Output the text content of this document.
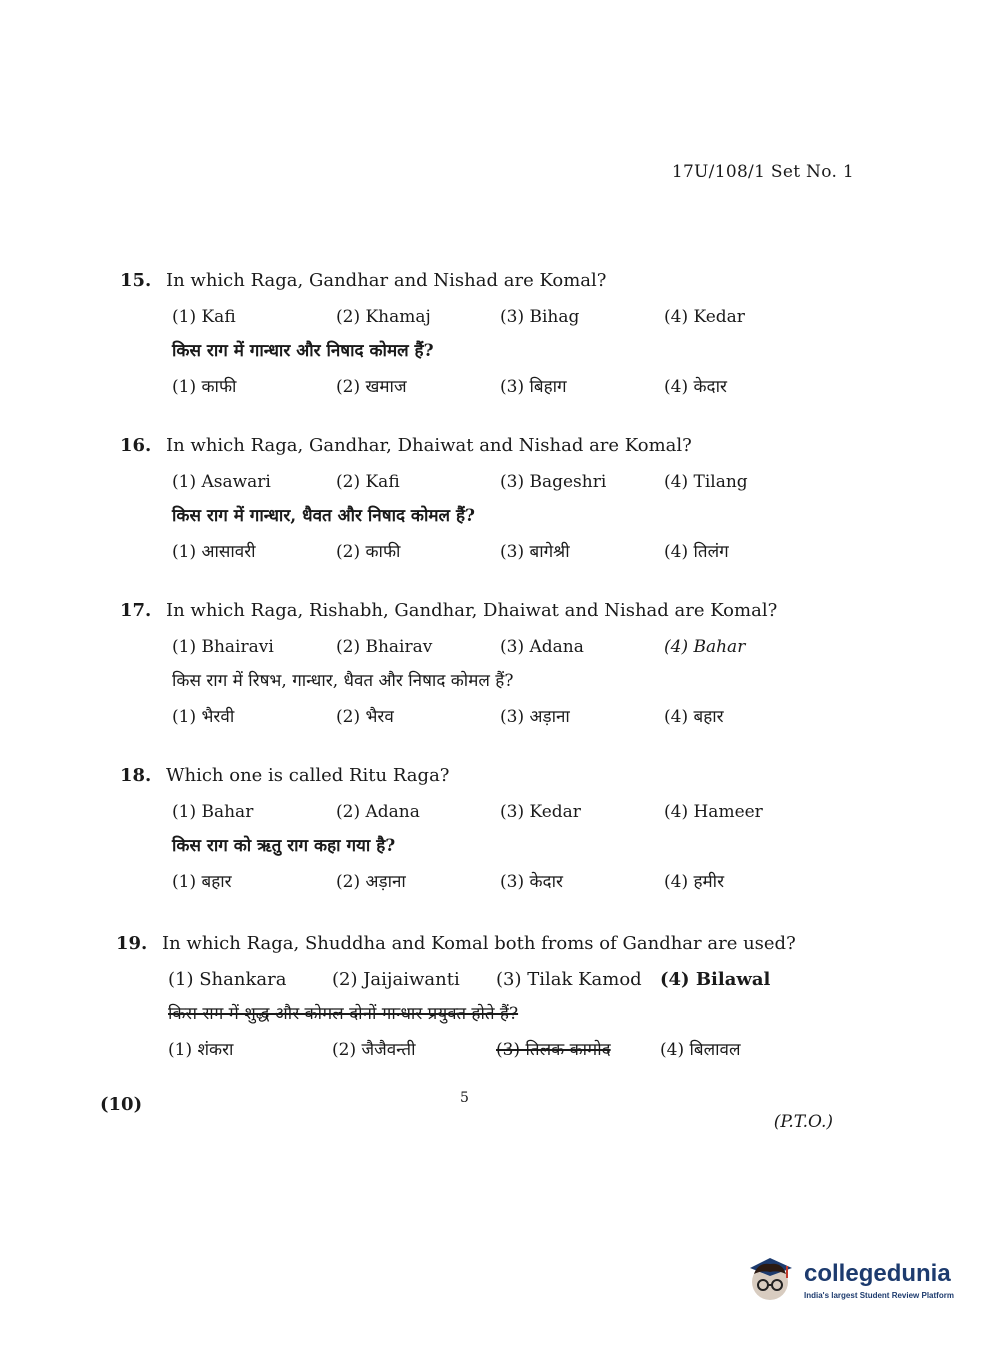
17U/108/1 Set No. 1
15. In which Raga, Gandhar and Nishad are Komal?
(1) Kafi	(2) Khamaj	(3) Bihag	(4) Kedar
किस राग में गान्धार और निषाद कोमल हैं?
(1) काफी	(2) खमाज	(3) बिहाग	(4) केदार
16. In which Raga, Gandhar, Dhaiwat and Nishad are Komal?
(1) Asawari	(2) Kafi	(3) Bageshri	(4) Tilang
किस राग में गान्धार, धैवत और निषाद कोमल हैं?
(1) आसावरी	(2) काफी	(3) बागेश्री	(4) तिलंग
17. In which Raga, Rishabh, Gandhar, Dhaiwat and Nishad are Komal?
(1) Bhairavi	(2) Bhairav	(3) Adana	(4) Bahar
किस राग में रिषभ, गान्धार, धैवत और निषाद कोमल हैं?
(1) भैरवी	(2) भैरव	(3) अड़ाना	(4) बहार
18. Which one is called Ritu Raga?
(1) Bahar	(2) Adana	(3) Kedar	(4) Hameer
किस राग को ऋतु राग कहा गया है?
(1) बहार	(2) अड़ाना	(3) केदार	(4) हमीर
19. In which Raga, Shuddha and Komal both froms of Gandhar are used?
(1) Shankara	(2) Jaijaiwanti	(3) Tilak Kamod	(4) Bilawal
किस राग में शुद्ध और कोमल दोनों गान्धार प्रयुक्त होते हैं?
(1) शंकरा	(2) जैजैवन्ती	(3) तिलक कामोद	(4) बिलावल
(10)	5
(P.T.O.)
collegedunia
India's largest Student Review Platform
